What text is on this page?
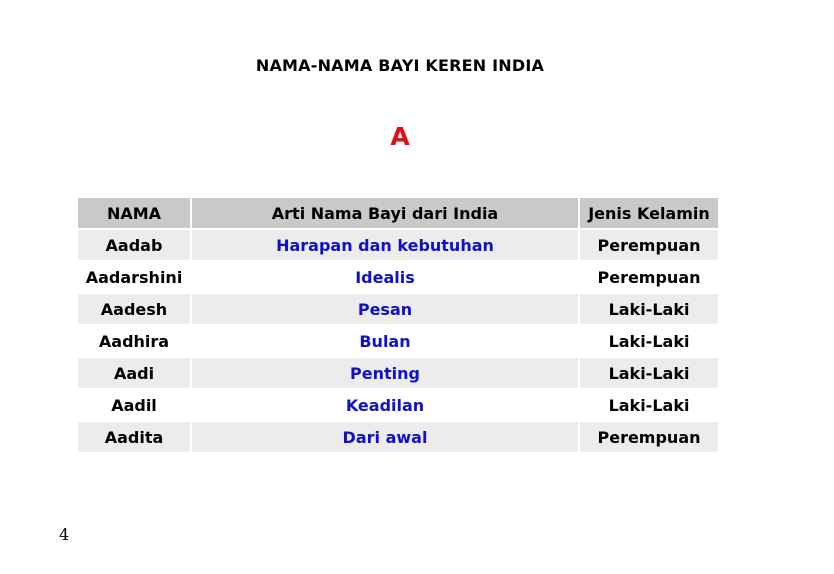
NAMA-NAMA BAYI KEREN INDIA
A
NAMA	Arti Nama Bayi dari India	Jenis Kelamin
Aadab	Harapan dan kebutuhan	Perempuan
Aadarshini	Idealis	Perempuan
Aadesh	Pesan	Laki-Laki
Aadhira	Bulan	Laki-Laki
Aadi	Penting	Laki-Laki
Aadil	Keadilan	Laki-Laki
Aadita	Dari awal	Perempuan
4
